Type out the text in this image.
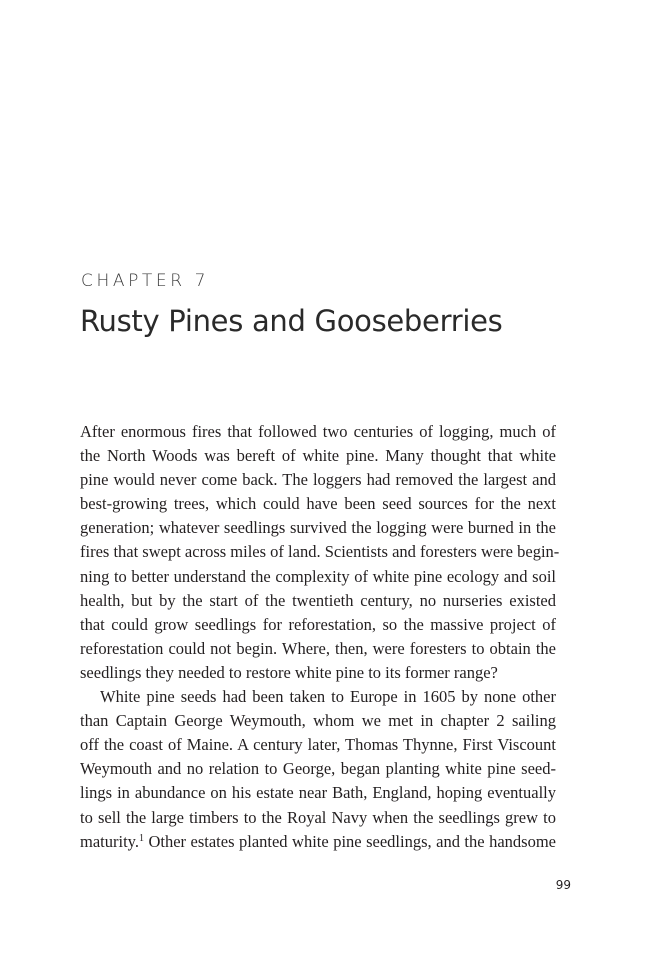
CHAPTER 7
Rusty Pines and Gooseberries
After enormous fires that followed two centuries of logging, much of
the North Woods was bereft of white pine. Many thought that white
pine would never come back. The loggers had removed the largest and
best-growing trees, which could have been seed sources for the next
generation; whatever seedlings survived the logging were burned in the
fires that swept across miles of land. Scientists and foresters were begin-
ning to better understand the complexity of white pine ecology and soil
health, but by the start of the twentieth century, no nurseries existed
that could grow seedlings for reforestation, so the massive project of
reforestation could not begin. Where, then, were foresters to obtain the
seedlings they needed to restore white pine to its former range?
White pine seeds had been taken to Europe in 1605 by none other
than Captain George Weymouth, whom we met in chapter 2 sailing
off the coast of Maine. A century later, Thomas Thynne, First Viscount
Weymouth and no relation to George, began planting white pine seed-
lings in abundance on his estate near Bath, England, hoping eventually
to sell the large timbers to the Royal Navy when the seedlings grew to
maturity.$^1$ Other estates planted white pine seedlings, and the handsome
99
